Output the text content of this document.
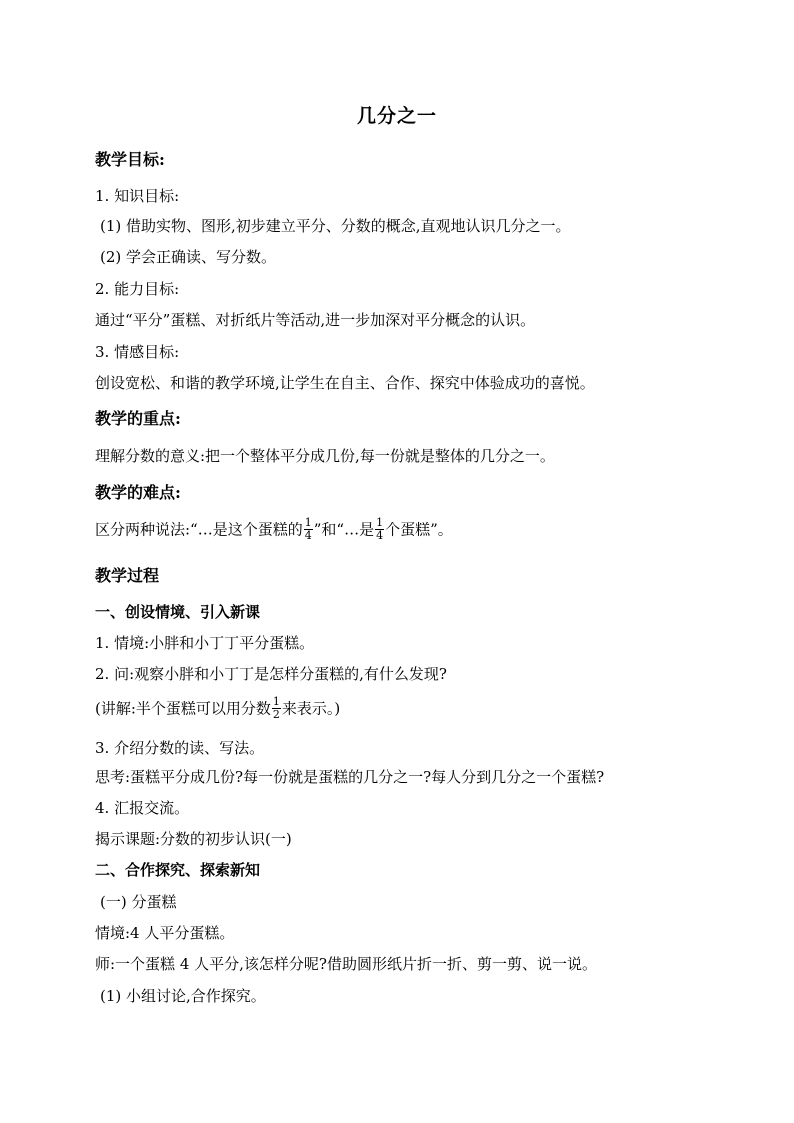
几分之一
教学目标:
1. 知识目标:
(1) 借助实物、图形,初步建立平分、分数的概念,直观地认识几分之一。
(2) 学会正确读、写分数。
2. 能力目标:
通过“平分”蛋糕、对折纸片等活动,进一步加深对平分概念的认识。
3. 情感目标:
创设宽松、和谐的教学环境,让学生在自主、合作、探究中体验成功的喜悦。
教学的重点:
理解分数的意义:把一个整体平分成几份,每一份就是整体的几分之一。
教学的难点:
区分两种说法:“…是这个蛋糕的 $\frac{1}{4}$ ”和“…是 $\frac{1}{4}$ 个蛋糕”。
教学过程
一、创设情境、引入新课
1. 情境:小胖和小丁丁平分蛋糕。
2. 问:观察小胖和小丁丁是怎样分蛋糕的,有什么发现?
(讲解:半个蛋糕可以用分数 $\frac{1}{2}$ 来表示。)
3. 介绍分数的读、写法。
思考:蛋糕平分成几份?每一份就是蛋糕的几分之一?每人分到几分之一个蛋糕?
4. 汇报交流。
揭示课题:分数的初步认识(一)
二、合作探究、探索新知
(一) 分蛋糕
情境:4 人平分蛋糕。
师:一个蛋糕 4 人平分,该怎样分呢?借助圆形纸片折一折、剪一剪、说一说。
(1) 小组讨论,合作探究。
